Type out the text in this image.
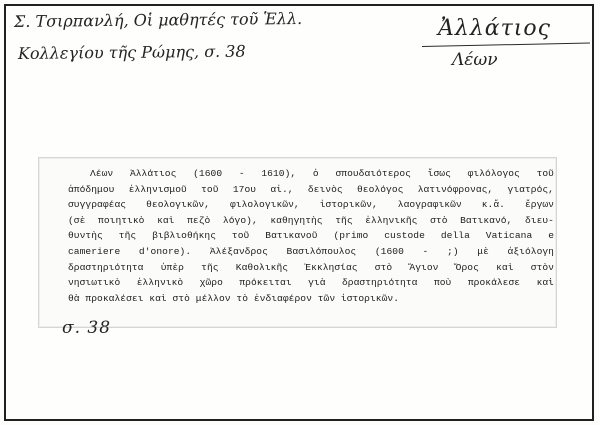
Σ. Τσιρπανλή, Οἱ μαθητές τοῦ Ἑλλ.

Κολλεγίου τῆς Ρώμης, σ. 38

Ἀλλάτιος

Λέων

Λέων Ἀλλάτιος (1600 - 1610), ὁ σπουδαιότερος ἴσως φιλόλογος τοῦ
ἀπόδημου ἑλληνισμοῦ τοῦ 17ου αἰ., δεινὸς θεολόγος λατινόφρονας, γιατρός,
συγγραφέας θεολογικῶν, φιλολογικῶν, ἱστορικῶν, λαογραφικῶν κ.ἄ. ἔργων
(σὲ ποιητικὸ καὶ πεζὸ λόγο), καθηγητὴς τῆς ἑλληνικῆς στὸ Βατικανό, διευ-
θυντὴς τῆς βιβλιοθήκης τοῦ Βατικανοῦ (primo custode della Vaticana e
cameriere d'onore). Ἀλέξανδρος Βασιλόπουλος (1600 - ;) μὲ ἀξιόλογη
δραστηριότητα ὑπὲρ τῆς Καθολικῆς Ἐκκλησίας στὸ Ἅγιον Ὄρος καὶ στὸν
νησιωτικὸ ἑλληνικὸ χῶρο πρόκειται γιὰ δραστηριότητα ποὺ προκάλεσε καὶ
θὰ προκαλέσει καὶ στὸ μέλλον τὸ ἐνδιαφέρον τῶν ἱστορικῶν.

σ. 38
